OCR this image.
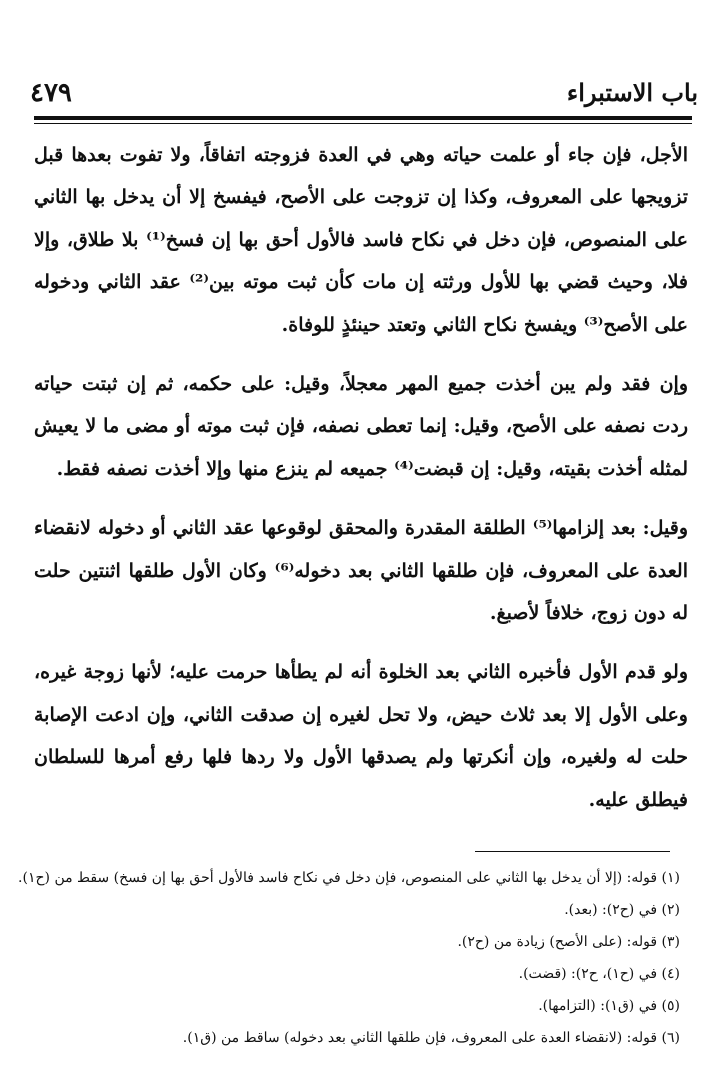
٤٧٩	باب الاستبراء

الأجل، فإن جاء أو علمت حياته وهي في العدة فزوجته اتفاقاً، ولا تفوت بعدها قبل تزويجها على المعروف، وكذا إن تزوجت على الأصح، فيفسخ إلا أن يدخل بها الثاني على المنصوص، فإن دخل في نكاح فاسد فالأول أحق بها إن فسخ⁽¹⁾ بلا طلاق، وإلا فلا، وحيث قضي بها للأول ورثته إن مات كأن ثبت موته بين⁽²⁾ عقد الثاني ودخوله على الأصح⁽³⁾ ويفسخ نكاح الثاني وتعتد حينئذٍ للوفاة.

وإن فقد ولم يبن أخذت جميع المهر معجلاً، وقيل: على حكمه، ثم إن ثبتت حياته ردت نصفه على الأصح، وقيل: إنما تعطى نصفه، فإن ثبت موته أو مضى ما لا يعيش لمثله أخذت بقيته، وقيل: إن قبضت⁽⁴⁾ جميعه لم ينزع منها وإلا أخذت نصفه فقط.

وقيل: بعد إلزامها⁽⁵⁾ الطلقة المقدرة والمحقق لوقوعها عقد الثاني أو دخوله لانقضاء العدة على المعروف، فإن طلقها الثاني بعد دخوله⁽⁶⁾ وكان الأول طلقها اثنتين حلت له دون زوج، خلافاً لأصبغ.

ولو قدم الأول فأخبره الثاني بعد الخلوة أنه لم يطأها حرمت عليه؛ لأنها زوجة غيره، وعلى الأول إلا بعد ثلاث حيض، ولا تحل لغيره إن صدقت الثاني، وإن ادعت الإصابة حلت له ولغيره، وإن أنكرتها ولم يصدقها الأول ولا ردها فلها رفع أمرها للسلطان فيطلق عليه.

(١) قوله: (إلا أن يدخل بها الثاني على المنصوص، فإن دخل في نكاح فاسد فالأول أحق بها إن فسخ) سقط من (ح١).
(٢) في (ح٢): (بعد).
(٣) قوله: (على الأصح) زيادة من (ح٢).
(٤) في (ح١)، ح٢): (قضت).
(٥) في (ق١): (التزامها).
(٦) قوله: (لانقضاء العدة على المعروف، فإن طلقها الثاني بعد دخوله) ساقط من (ق١).
